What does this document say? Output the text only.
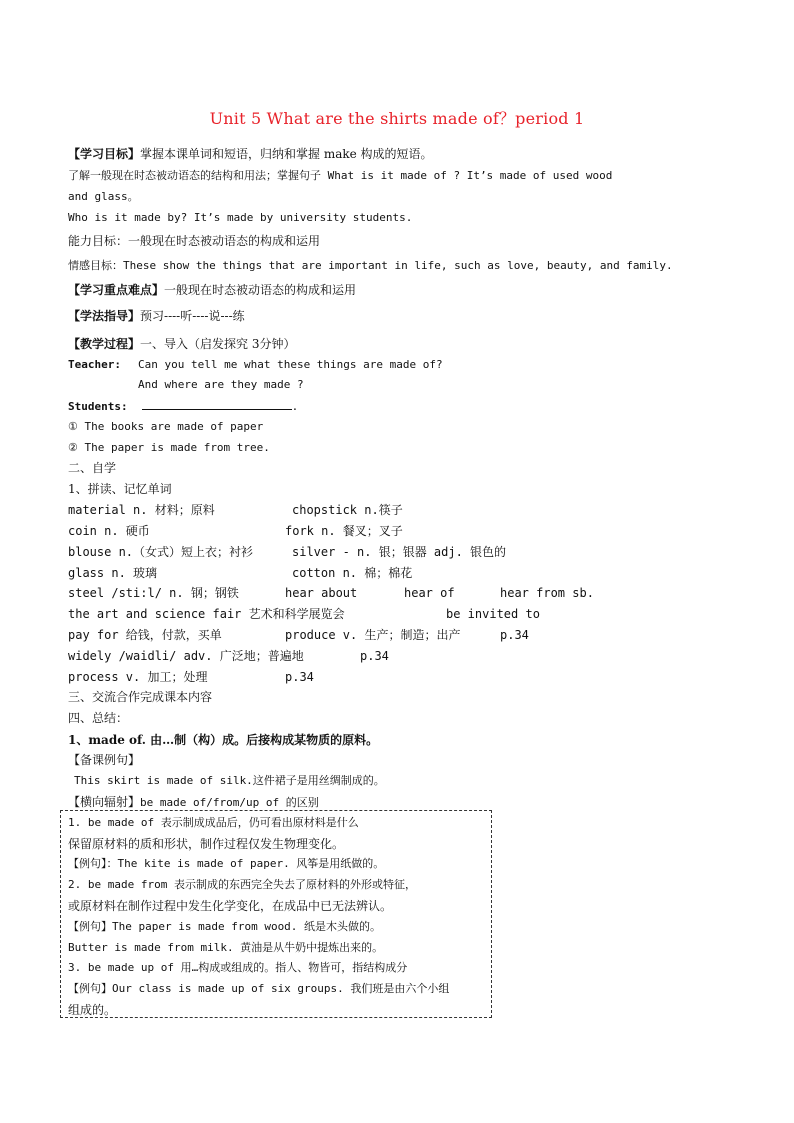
Unit 5 What are the shirts made of？period 1
【学习目标】掌握本课单词和短语，归纳和掌握 make 构成的短语。
了解一般现在时态被动语态的结构和用法；掌握句子 What is it made of ? It’s made of used wood
and glass。
Who is it made by? It’s made by university students.
能力目标：一般现在时态被动语态的构成和运用
情感目标：These show the things that are important in life, such as love, beauty, and family.
【学习重点难点】一般现在时态被动语态的构成和运用
【学法指导】预习----听----说---练
【教学过程】一、导入（启发探究 3分钟）
Teacher: Can you tell me what these things are made of?
And where are they made ?
Students:	.
① The books are made of paper
② The paper is made from tree.
二、自学
1、拼读、记忆单词
material n. 材料；原料	chopstick n.筷子
coin n. 硬币	fork n. 餐叉；叉子
blouse n.（女式）短上衣；衬衫	silver - n. 银；银器 adj. 银色的
glass n. 玻璃	cotton n. 棉；棉花
steel /sti:l/ n. 钢；钢铁	hear about	hear of	hear from sb.
the art and science fair 艺术和科学展览会	be invited to
pay for 给钱，付款，买单	produce v. 生产；制造；出产	p.34
widely /waidli/ adv. 广泛地；普遍地	p.34
process v. 加工；处理	p.34
三、交流合作完成课本内容
四、总结：
1、made of. 由…制（构）成。后接构成某物质的原料。
【备课例句】
This skirt is made of silk.这件裙子是用丝绸制成的。
【横向辐射】be made of/from/up of 的区别
1. be made of 表示制成成品后，仍可看出原材料是什么
保留原材料的质和形状，制作过程仅发生物理变化。
【例句】：The kite is made of paper. 风筝是用纸做的。
2. be made from 表示制成的东西完全失去了原材料的外形或特征，
或原材料在制作过程中发生化学变化，在成品中已无法辨认。
【例句】The paper is made from wood. 纸是木头做的。
Butter is made from milk. 黄油是从牛奶中提炼出来的。
3. be made up of 用…构成或组成的。指人、物皆可，指结构成分
【例句】Our class is made up of six groups. 我们班是由六个小组
组成的。
